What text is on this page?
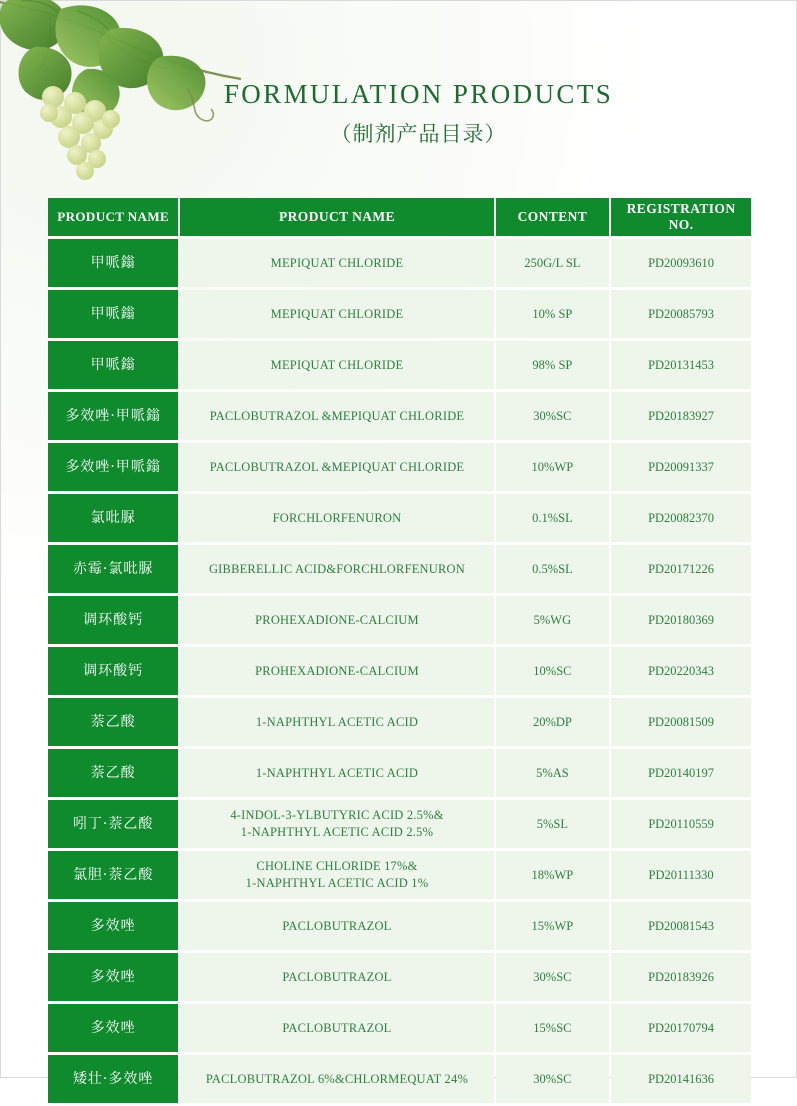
FORMULATION PRODUCTS
（制剂产品目录）
PRODUCT NAME	PRODUCT NAME	CONTENT	REGISTRATION NO.
甲哌鎓	MEPIQUAT CHLORIDE	250G/L SL	PD20093610
甲哌鎓	MEPIQUAT CHLORIDE	10% SP	PD20085793
甲哌鎓	MEPIQUAT CHLORIDE	98% SP	PD20131453
多效唑·甲哌鎓	PACLOBUTRAZOL &MEPIQUAT CHLORIDE	30%SC	PD20183927
多效唑·甲哌鎓	PACLOBUTRAZOL &MEPIQUAT CHLORIDE	10%WP	PD20091337
氯吡脲	FORCHLORFENURON	0.1%SL	PD20082370
赤霉·氯吡脲	GIBBERELLIC ACID&FORCHLORFENURON	0.5%SL	PD20171226
调环酸钙	PROHEXADIONE-CALCIUM	5%WG	PD20180369
调环酸钙	PROHEXADIONE-CALCIUM	10%SC	PD20220343
萘乙酸	1-NAPHTHYL ACETIC ACID	20%DP	PD20081509
萘乙酸	1-NAPHTHYL ACETIC ACID	5%AS	PD20140197
吲丁·萘乙酸	4-INDOL-3-YLBUTYRIC ACID 2.5%&
1-NAPHTHYL ACETIC ACID 2.5%	5%SL	PD20110559
氯胆·萘乙酸	CHOLINE CHLORIDE 17%&
1-NAPHTHYL ACETIC ACID 1%	18%WP	PD20111330
多效唑	PACLOBUTRAZOL	15%WP	PD20081543
多效唑	PACLOBUTRAZOL	30%SC	PD20183926
多效唑	PACLOBUTRAZOL	15%SC	PD20170794
矮壮·多效唑	PACLOBUTRAZOL 6%&CHLORMEQUAT 24%	30%SC	PD20141636
